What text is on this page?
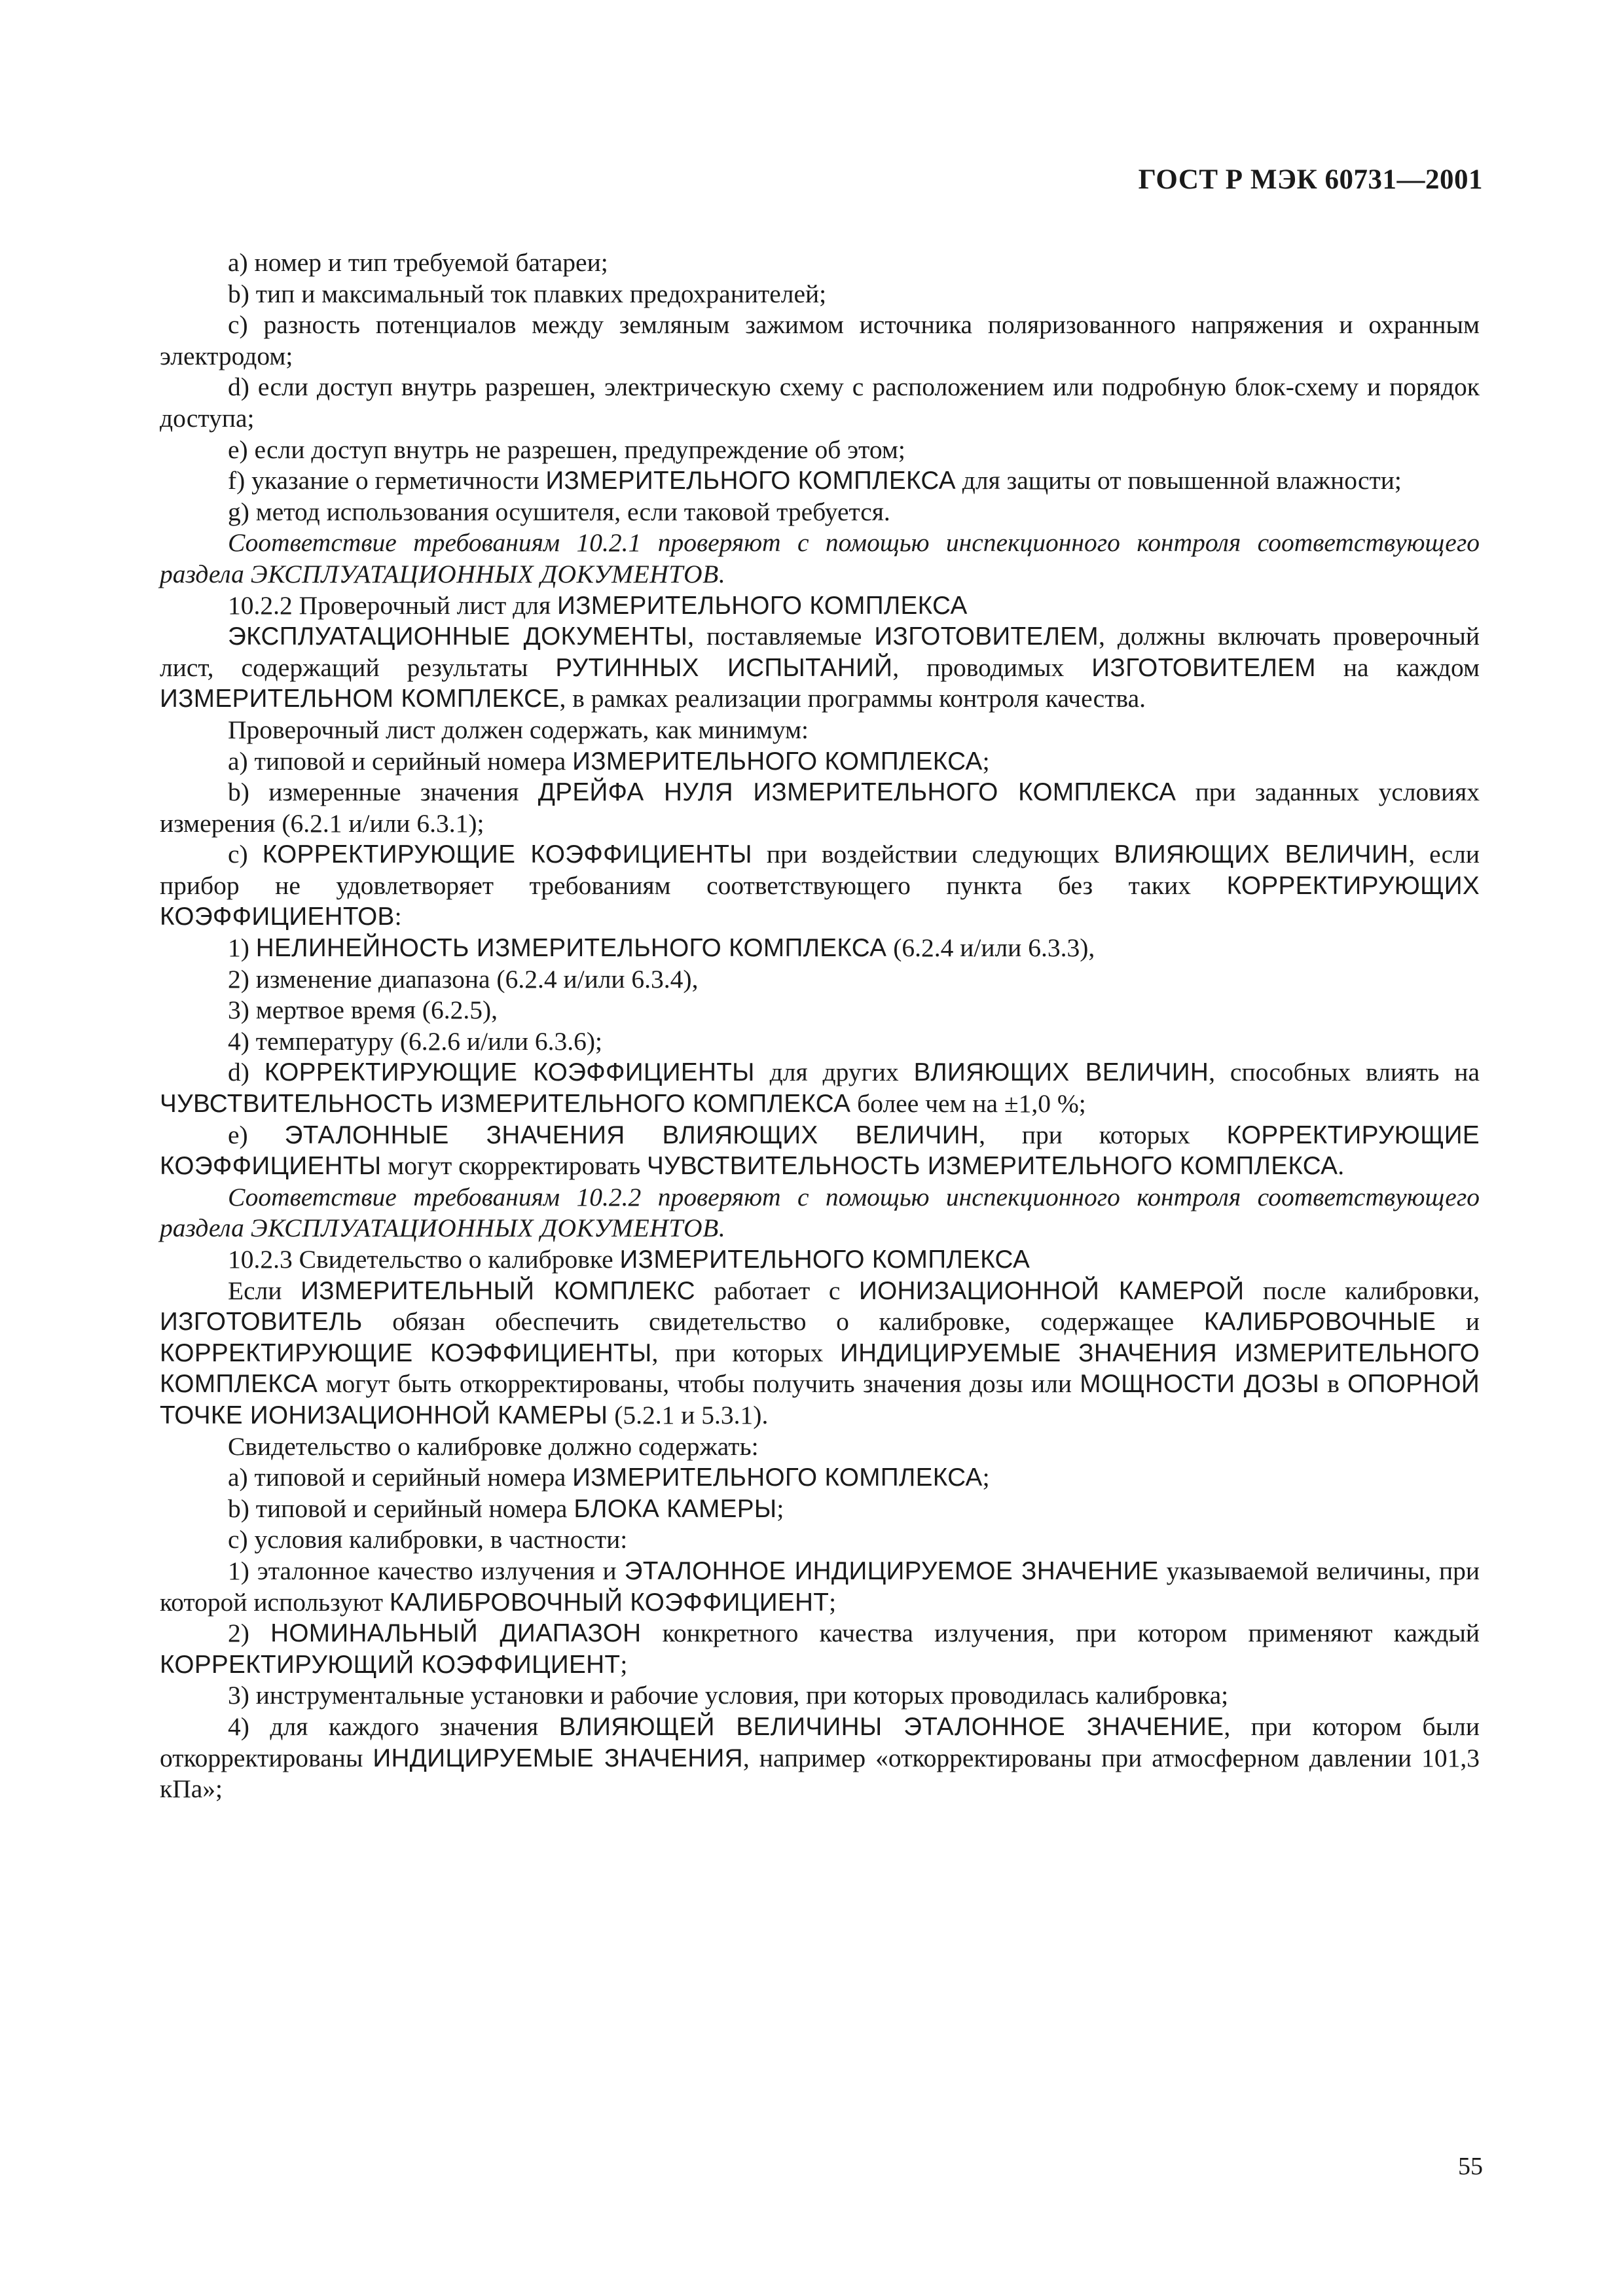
ГОСТ Р МЭК 60731—2001

a) номер и тип требуемой батареи;

b) тип и максимальный ток плавких предохранителей;

c) разность потенциалов между земляным зажимом источника поляризованного напряжения и охранным электродом;

d) если доступ внутрь разрешен, электрическую схему с расположением или подробную блок-схему и порядок доступа;

e) если доступ внутрь не разрешен, предупреждение об этом;

f) указание о герметичности ИЗМЕРИТЕЛЬНОГО КОМПЛЕКСА для защиты от повышенной влажности;

g) метод использования осушителя, если таковой требуется.

Соответствие требованиям 10.2.1 проверяют с помощью инспекционного контроля соответствующего раздела ЭКСПЛУАТАЦИОННЫХ ДОКУМЕНТОВ.

10.2.2 Проверочный лист для ИЗМЕРИТЕЛЬНОГО КОМПЛЕКСА

ЭКСПЛУАТАЦИОННЫЕ ДОКУМЕНТЫ, поставляемые ИЗГОТОВИТЕЛЕМ, должны включать проверочный лист, содержащий результаты РУТИННЫХ ИСПЫТАНИЙ, проводимых ИЗГОТОВИТЕЛЕМ на каждом ИЗМЕРИТЕЛЬНОМ КОМПЛЕКСЕ, в рамках реализации программы контроля качества.

Проверочный лист должен содержать, как минимум:

a) типовой и серийный номера ИЗМЕРИТЕЛЬНОГО КОМПЛЕКСА;

b) измеренные значения ДРЕЙФА НУЛЯ ИЗМЕРИТЕЛЬНОГО КОМПЛЕКСА при заданных условиях измерения (6.2.1 и/или 6.3.1);

c) КОРРЕКТИРУЮЩИЕ КОЭФФИЦИЕНТЫ при воздействии следующих ВЛИЯЮЩИХ ВЕЛИЧИН, если прибор не удовлетворяет требованиям соответствующего пункта без таких КОРРЕКТИРУЮЩИХ КОЭФФИЦИЕНТОВ:

1) НЕЛИНЕЙНОСТЬ ИЗМЕРИТЕЛЬНОГО КОМПЛЕКСА (6.2.4 и/или 6.3.3),

2) изменение диапазона (6.2.4 и/или 6.3.4),

3) мертвое время (6.2.5),

4) температуру (6.2.6 и/или 6.3.6);

d) КОРРЕКТИРУЮЩИЕ КОЭФФИЦИЕНТЫ для других ВЛИЯЮЩИХ ВЕЛИЧИН, способных влиять на ЧУВСТВИТЕЛЬНОСТЬ ИЗМЕРИТЕЛЬНОГО КОМПЛЕКСА более чем на ±1,0 %;

e) ЭТАЛОННЫЕ ЗНАЧЕНИЯ ВЛИЯЮЩИХ ВЕЛИЧИН, при которых КОРРЕКТИРУЮЩИЕ КОЭФФИЦИЕНТЫ могут скорректировать ЧУВСТВИТЕЛЬНОСТЬ ИЗМЕРИТЕЛЬНОГО КОМПЛЕКСА.

Соответствие требованиям 10.2.2 проверяют с помощью инспекционного контроля соответствующего раздела ЭКСПЛУАТАЦИОННЫХ ДОКУМЕНТОВ.

10.2.3 Свидетельство о калибровке ИЗМЕРИТЕЛЬНОГО КОМПЛЕКСА

Если ИЗМЕРИТЕЛЬНЫЙ КОМПЛЕКС работает с ИОНИЗАЦИОННОЙ КАМЕРОЙ после калибровки, ИЗГОТОВИТЕЛЬ обязан обеспечить свидетельство о калибровке, содержащее КАЛИБРОВОЧНЫЕ и КОРРЕКТИРУЮЩИЕ КОЭФФИЦИЕНТЫ, при которых ИНДИЦИРУЕМЫЕ ЗНАЧЕНИЯ ИЗМЕРИТЕЛЬНОГО КОМПЛЕКСА могут быть откорректированы, чтобы получить значения дозы или МОЩНОСТИ ДОЗЫ в ОПОРНОЙ ТОЧКЕ ИОНИЗАЦИОННОЙ КАМЕРЫ (5.2.1 и 5.3.1).

Свидетельство о калибровке должно содержать:

a) типовой и серийный номера ИЗМЕРИТЕЛЬНОГО КОМПЛЕКСА;

b) типовой и серийный номера БЛОКА КАМЕРЫ;

c) условия калибровки, в частности:

1) эталонное качество излучения и ЭТАЛОННОЕ ИНДИЦИРУЕМОЕ ЗНАЧЕНИЕ указываемой величины, при которой используют КАЛИБРОВОЧНЫЙ КОЭФФИЦИЕНТ;

2) НОМИНАЛЬНЫЙ ДИАПАЗОН конкретного качества излучения, при котором применяют каждый КОРРЕКТИРУЮЩИЙ КОЭФФИЦИЕНТ;

3) инструментальные установки и рабочие условия, при которых проводилась калибровка;

4) для каждого значения ВЛИЯЮЩЕЙ ВЕЛИЧИНЫ ЭТАЛОННОЕ ЗНАЧЕНИЕ, при котором были откорректированы ИНДИЦИРУЕМЫЕ ЗНАЧЕНИЯ, например «откорректированы при атмосферном давлении 101,3 кПа»;

55
